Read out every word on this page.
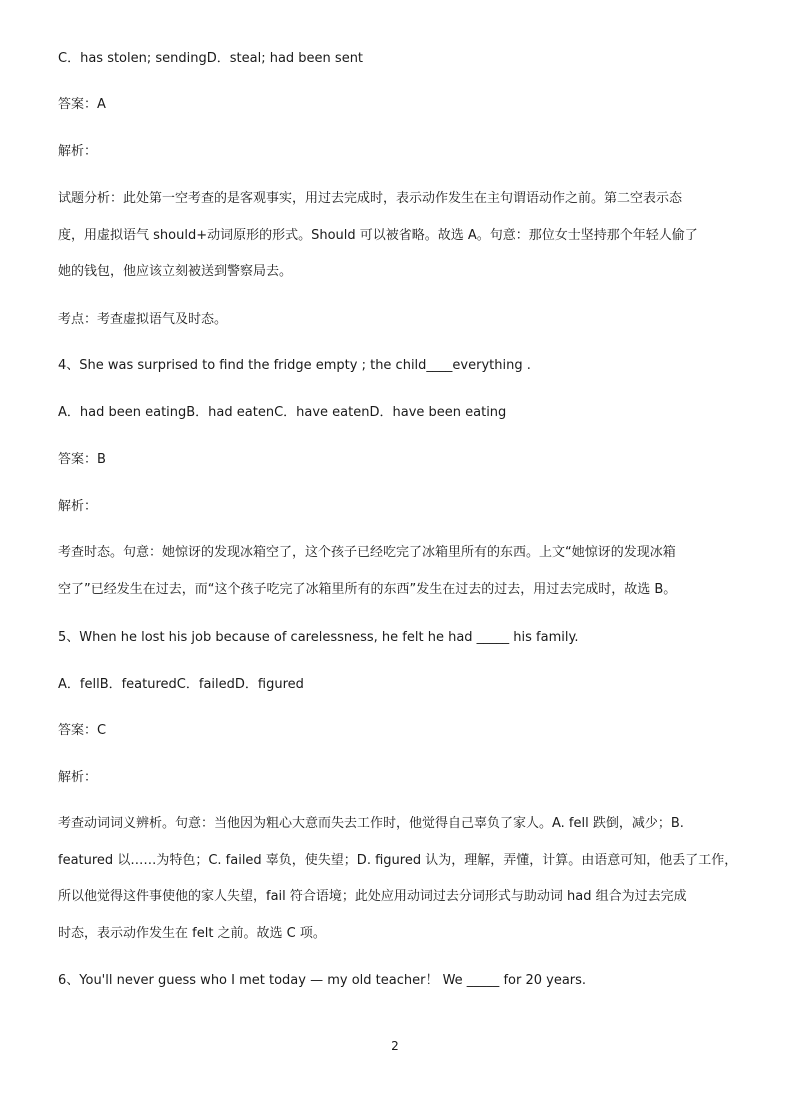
C．has stolen; sendingD．steal; had been sent
答案：A
解析：
试题分析：此处第一空考查的是客观事实，用过去完成时，表示动作发生在主句谓语动作之前。第二空表示态
度，用虚拟语气 should+动词原形的形式。Should 可以被省略。故选 A。句意：那位女士坚持那个年轻人偷了
她的钱包，他应该立刻被送到警察局去。
考点：考查虚拟语气及时态。
4、She was surprised to find the fridge empty ; the child____everything .
A．had been eatingB．had eatenC．have eatenD．have been eating
答案：B
解析：
考查时态。句意：她惊讶的发现冰箱空了，这个孩子已经吃完了冰箱里所有的东西。上文“她惊讶的发现冰箱
空了”已经发生在过去，而“这个孩子吃完了冰箱里所有的东西”发生在过去的过去，用过去完成时，故选 B。
5、When he lost his job because of carelessness, he felt he had _____ his family.
A．fellB．featuredC．failedD．figured
答案：C
解析：
考查动词词义辨析。句意：当他因为粗心大意而失去工作时，他觉得自己辜负了家人。A. fell 跌倒，减少；B.
featured 以……为特色；C. failed 辜负，使失望；D. figured 认为，理解，弄懂，计算。由语意可知，他丢了工作，
所以他觉得这件事使他的家人失望，fail 符合语境；此处应用动词过去分词形式与助动词 had 组合为过去完成
时态，表示动作发生在 felt 之前。故选 C 项。
6、You'll never guess who I met today — my old teacher！ We _____ for 20 years.
2
